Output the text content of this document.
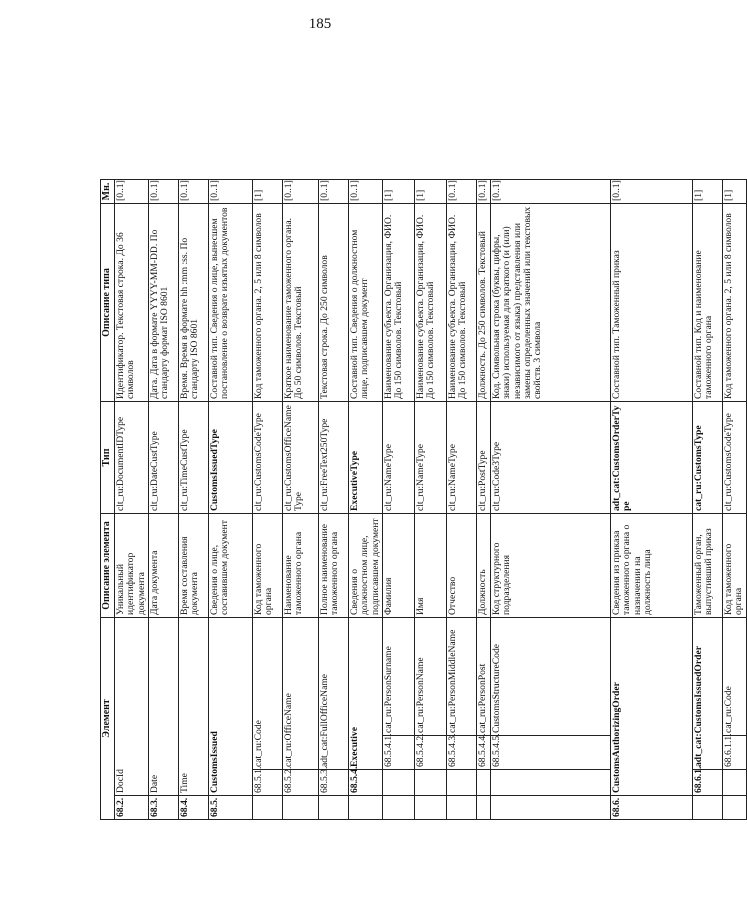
185
Элемент				Описание элемента	Тип	Описание типа	Мн.
68.2.	DocId			Уникальный идентификатор документа	clt_ru:DocumentIDType	Идентификатор. Текстовая строка. До 36 символов	[0..1]
68.3.	Date			Дата документа	clt_ru:DateCustType	Дата. Дата в формате YYYY-MM-DD. По стандарту формат ISO 8601	[0..1]
68.4.	Time			Время составления документа	clt_ru:TimeCustType	Время. Время в формате hh :mm :ss. По стандарту ISO 8601	[0..1]
68.5.	CustomsIssued			Сведения о лице, составившем документ	CustomsIssuedType	Составной тип. Сведения о лице, вынесшем постановление о возврате изъятых документов	[0..1]
	68.5.1.	cat_ru:Code		Код таможенного органа	clt_ru:CustomsCodeType	Код таможенного органа. 2, 5 или 8 символов	[1]
	68.5.2.	cat_ru:OfficeName		Наименование таможенного органа	clt_ru:CustomsOfficeNameType	Краткое наименование таможенного органа. До 50 символов. Текстовый	[0..1]
	68.5.3.	adt_cat:FullOfficeName		Полное наименование таможенного органа	clt_ru:FreeText250Type	Текстовая строка. До 250 символов	[0..1]
	68.5.4.	Executive		Сведения о должностном лице, подписавшем документ	ExecutiveType	Составной тип. Сведения о должностном лице, подписавшем документ	[0..1]
		68.5.4.1.	cat_ru:PersonSurname	Фамилия	clt_ru:NameType	Наименование субъекта. Организация, ФИО. До 150 символов. Текстовый	[1]
		68.5.4.2.	cat_ru:PersonName	Имя	clt_ru:NameType	Наименование субъекта. Организация, ФИО. До 150 символов. Текстовый	[1]
		68.5.4.3.	cat_ru:PersonMiddleName	Отчество	clt_ru:NameType	Наименование субъекта. Организация, ФИО. До 150 символов. Текстовый	[0..1]
		68.5.4.4.	cat_ru:PersonPost	Должность	clt_ru:PostType	Должность. До 250 символов. Текстовый	[0..1]
		68.5.4.5.	CustomsStructureCode	Код структурного подразделения	clt_ru:Code3Type	Код. Символьная строка (буквы, цифры, знаки) используемая для краткого (и (или) независимого от языка) представления или замены определенных значений или текстовых свойств. 3 символа	[0..1]
68.6.	CustomsAuthorizingOrder			Сведения из приказа таможенного органа о назначении на должность лица	adt_cat:CustomsOrderType	Составной тип. Таможенный приказ	[0..1]
	68.6.1.	adt_cat:CustomsIssuedOrder		Таможенный орган, выпустивший приказ	cat_ru:CustomsType	Составной тип. Код и наименование таможенного органа	[1]
		68.6.1.1.	cat_ru:Code	Код таможенного органа	clt_ru:CustomsCodeType	Код таможенного органа. 2, 5 или 8 символов	[1]
